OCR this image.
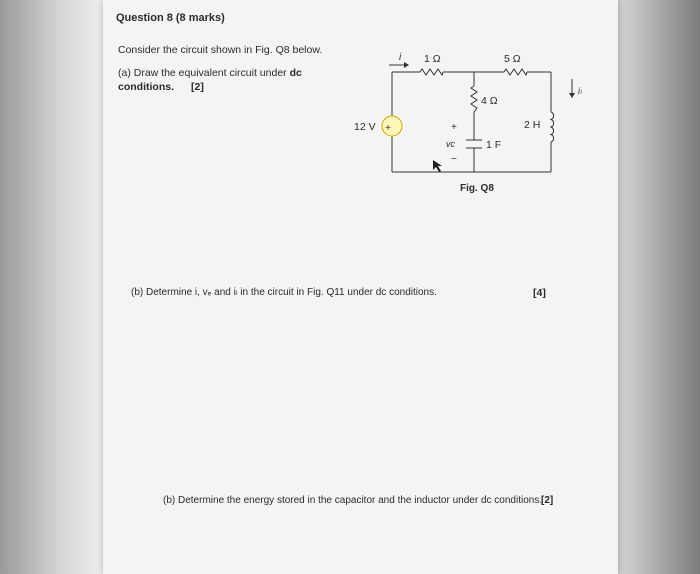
Question 8 (8 marks)
Consider the circuit shown in Fig. Q8 below.
(a) Draw the equivalent circuit under dc
conditions. [2]
(b) Determine i, vₑ and iₗ in the circuit in Fig. Q11 under dc conditions.	[4]
(b) Determine the energy stored in the capacitor and the inductor under dc conditions.
[2]
+
12 V
1 Ω	5 Ω
4 Ω
2 H
1 F
i
iₗ
+
vᴄ
−
Fig. Q8
